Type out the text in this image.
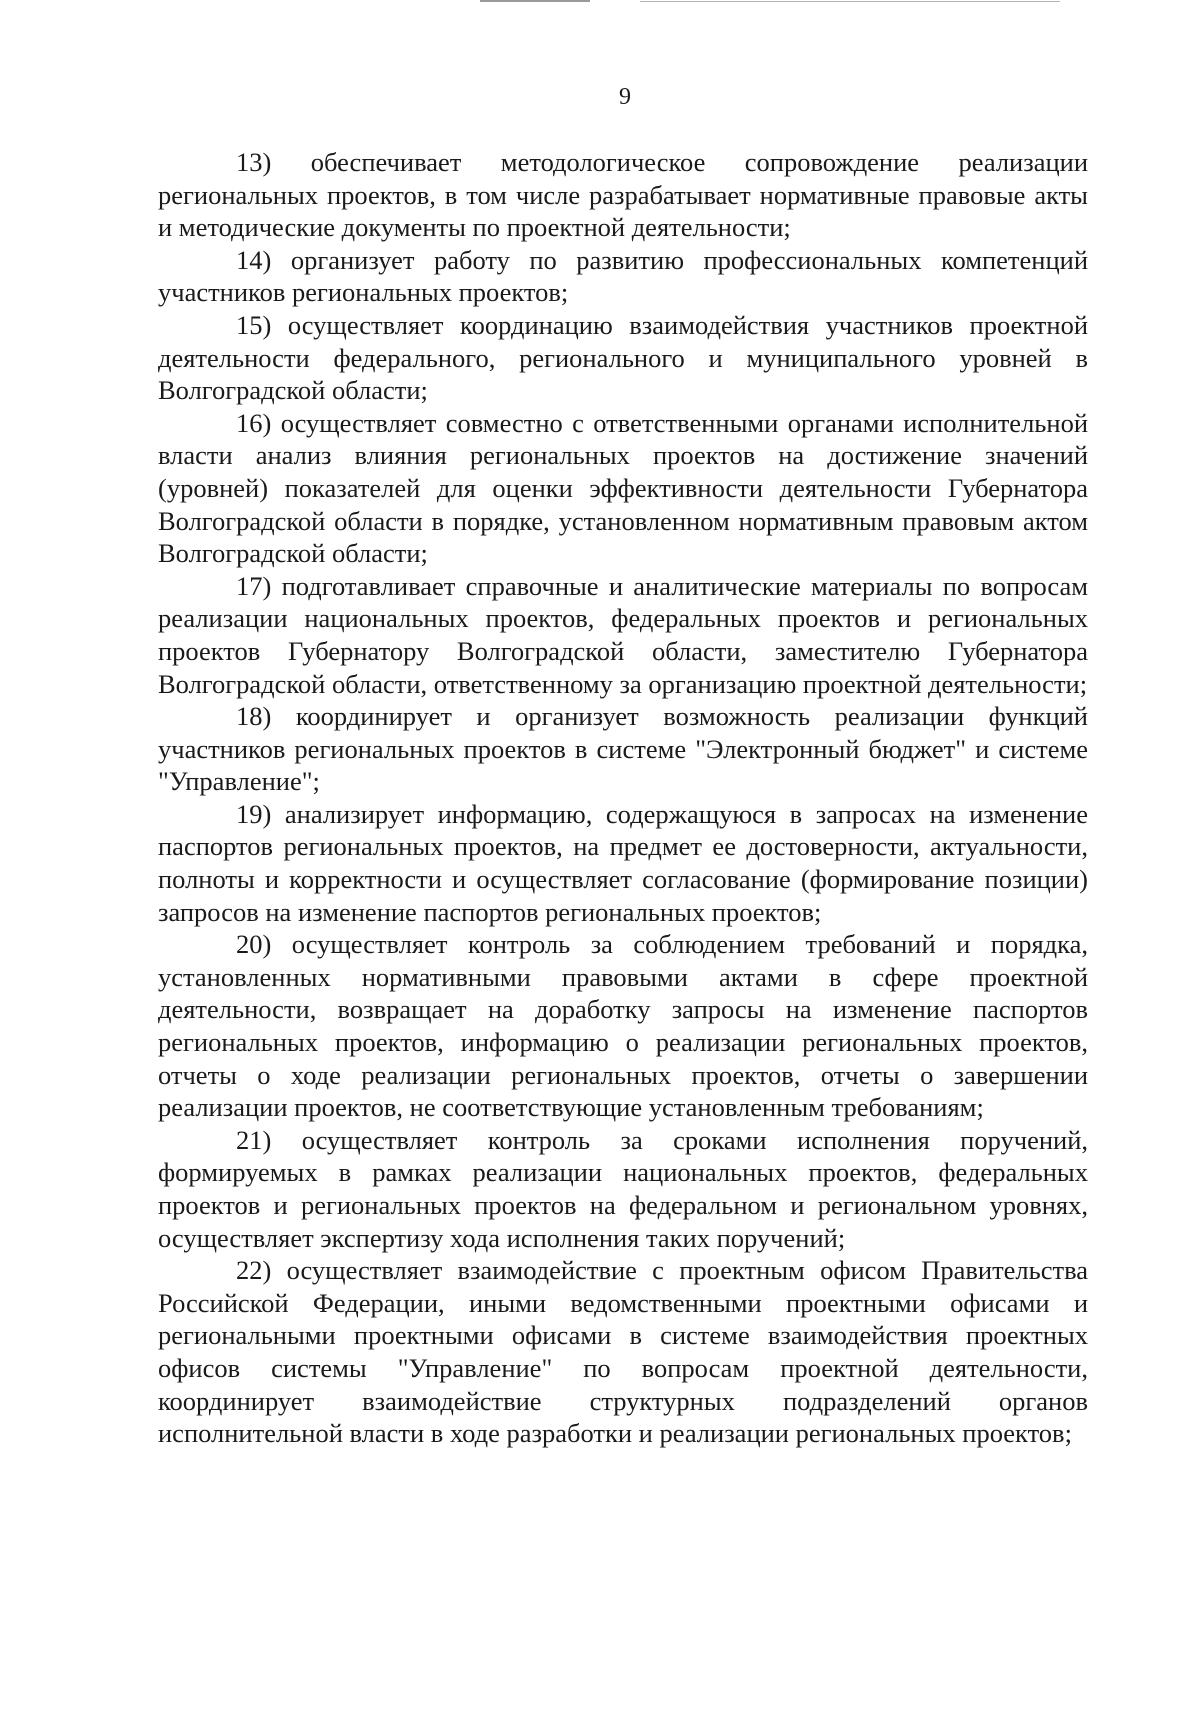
9

13) обеспечивает методологическое сопровождение реализации региональных проектов, в том числе разрабатывает нормативные правовые акты и методические документы по проектной деятельности;

14) организует работу по развитию профессиональных компетенций участников региональных проектов;

15) осуществляет координацию взаимодействия участников проектной деятельности федерального, регионального и муниципального уровней в Волгоградской области;

16) осуществляет совместно с ответственными органами исполнительной власти анализ влияния региональных проектов на достижение значений (уровней) показателей для оценки эффективности деятельности Губернатора Волгоградской области в порядке, установленном нормативным правовым актом Волгоградской области;

17) подготавливает справочные и аналитические материалы по вопросам реализации национальных проектов, федеральных проектов и региональных проектов Губернатору Волгоградской области, заместителю Губернатора Волгоградской области, ответственному за организацию проектной деятельности;

18) координирует и организует возможность реализации функций участников региональных проектов в системе "Электронный бюджет" и системе "Управление";

19) анализирует информацию, содержащуюся в запросах на изменение паспортов региональных проектов, на предмет ее достоверности, актуальности, полноты и корректности и осуществляет согласование (формирование позиции) запросов на изменение паспортов региональных проектов;

20) осуществляет контроль за соблюдением требований и порядка, установленных нормативными правовыми актами в сфере проектной деятельности, возвращает на доработку запросы на изменение паспортов региональных проектов, информацию о реализации региональных проектов, отчеты о ходе реализации региональных проектов, отчеты о завершении реализации проектов, не соответствующие установленным требованиям;

21) осуществляет контроль за сроками исполнения поручений, формируемых в рамках реализации национальных проектов, федеральных проектов и региональных проектов на федеральном и региональном уровнях, осуществляет экспертизу хода исполнения таких поручений;

22) осуществляет взаимодействие с проектным офисом Правительства Российской Федерации, иными ведомственными проектными офисами и региональными проектными офисами в системе взаимодействия проектных офисов системы "Управление" по вопросам проектной деятельности, координирует взаимодействие структурных подразделений органов исполнительной власти в ходе разработки и реализации региональных проектов;
